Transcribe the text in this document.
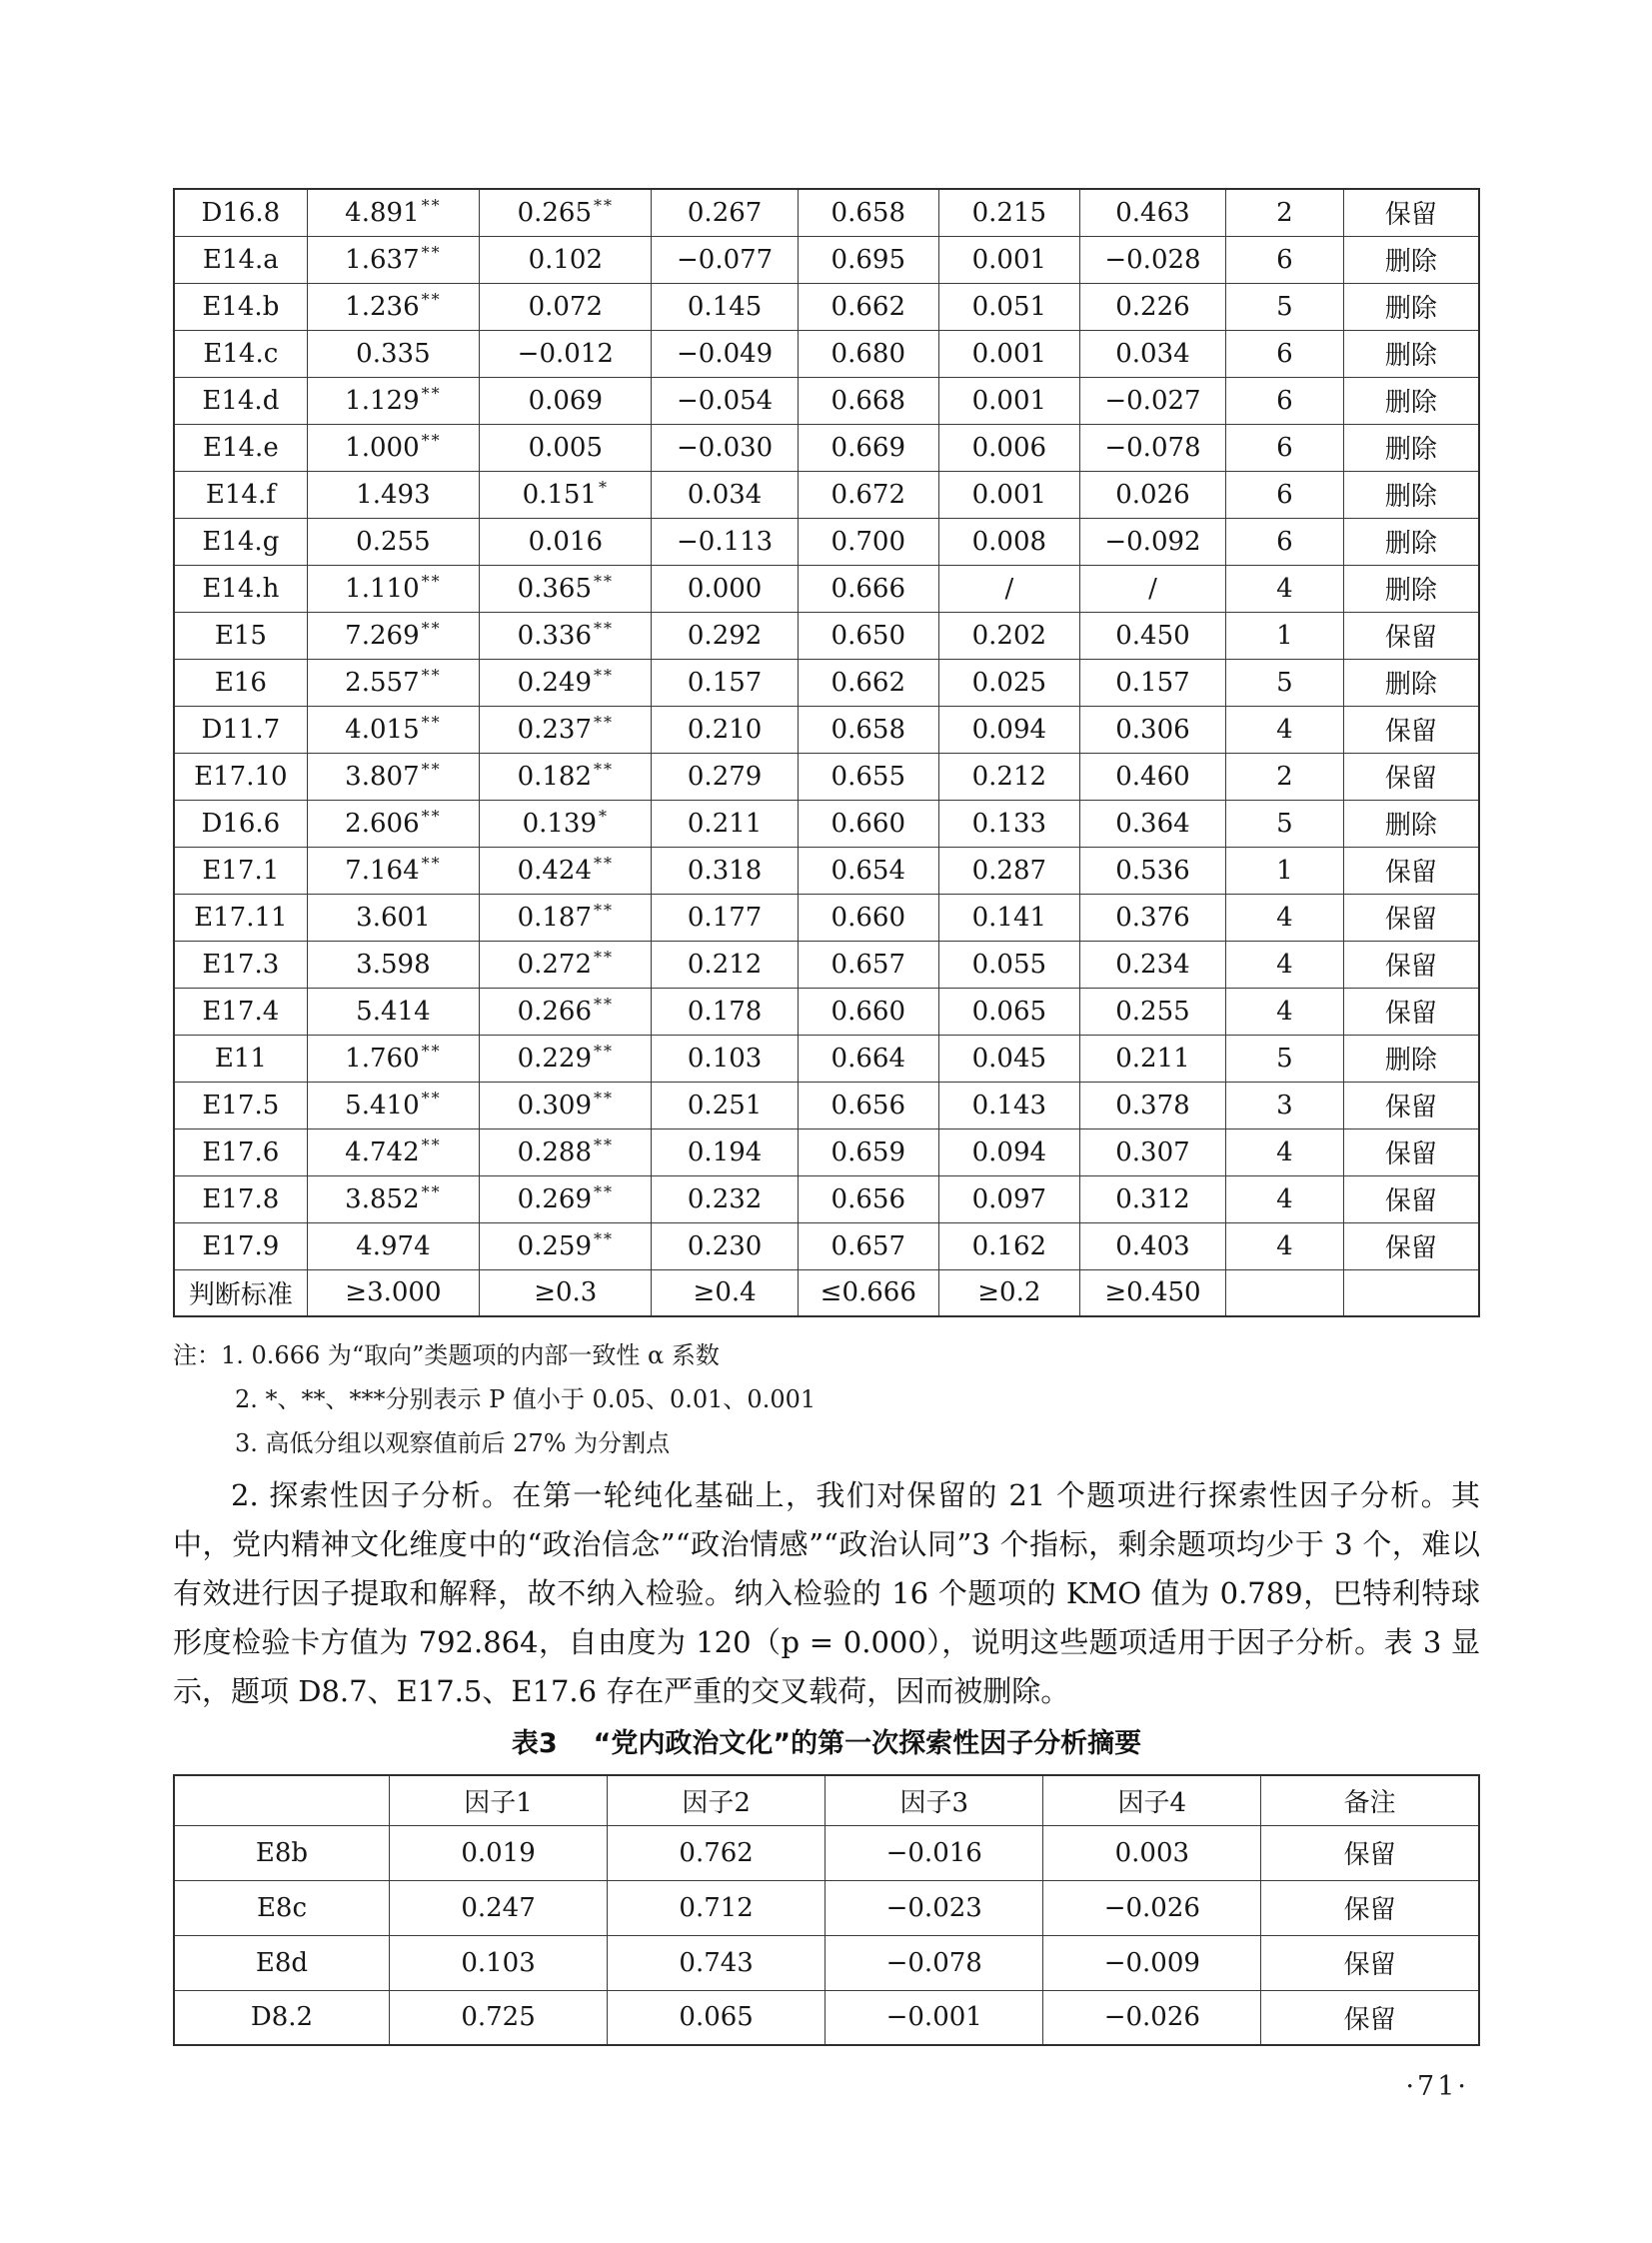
D16.8	4.891 **	0.265 **	0.267	0.658	0.215	0.463	2	保留
E14.a	1.637 **	0.102	−0.077	0.695	0.001	−0.028	6	删除
E14.b	1.236 **	0.072	0.145	0.662	0.051	0.226	5	删除
E14.c	0.335	−0.012	−0.049	0.680	0.001	0.034	6	删除
E14.d	1.129 **	0.069	−0.054	0.668	0.001	−0.027	6	删除
E14.e	1.000 **	0.005	−0.030	0.669	0.006	−0.078	6	删除
E14.f	1.493	0.151 *	0.034	0.672	0.001	0.026	6	删除
E14.g	0.255	0.016	−0.113	0.700	0.008	−0.092	6	删除
E14.h	1.110 **	0.365 **	0.000	0.666	/	/	4	删除
E15	7.269 **	0.336 **	0.292	0.650	0.202	0.450	1	保留
E16	2.557 **	0.249 **	0.157	0.662	0.025	0.157	5	删除
D11.7	4.015 **	0.237 **	0.210	0.658	0.094	0.306	4	保留
E17.10	3.807 **	0.182 **	0.279	0.655	0.212	0.460	2	保留
D16.6	2.606 **	0.139 *	0.211	0.660	0.133	0.364	5	删除
E17.1	7.164 **	0.424 **	0.318	0.654	0.287	0.536	1	保留
E17.11	3.601	0.187 **	0.177	0.660	0.141	0.376	4	保留
E17.3	3.598	0.272 **	0.212	0.657	0.055	0.234	4	保留
E17.4	5.414	0.266 **	0.178	0.660	0.065	0.255	4	保留
E11	1.760 **	0.229 **	0.103	0.664	0.045	0.211	5	删除
E17.5	5.410 **	0.309 **	0.251	0.656	0.143	0.378	3	保留
E17.6	4.742 **	0.288 **	0.194	0.659	0.094	0.307	4	保留
E17.8	3.852 **	0.269 **	0.232	0.656	0.097	0.312	4	保留
E17.9	4.974	0.259 **	0.230	0.657	0.162	0.403	4	保留
判断标准	≥3.000	≥0.3	≥0.4	≤0.666	≥0.2	≥0.450		

注：1. 0.666 为“取向”类题项的内部一致性 α 系数

2. *、**、***分别表示 P 值小于 0.05、0.01、0.001

3. 高低分组以观察值前后 27% 为分割点

2. 探索性因子分析。在第一轮纯化基础上，我们对保留的 21 个题项进行探索性因子分析。其中，党内精神文化维度中的“政治信念”“政治情感”“政治认同”3 个指标，剩余题项均少于 3 个，难以有效进行因子提取和解释，故不纳入检验。纳入检验的 16 个题项的 KMO 值为 0.789，巴特利特球形度检验卡方值为 792.864，自由度为 120（p = 0.000），说明这些题项适用于因子分析。表 3 显示，题项 D8.7、E17.5、E17.6 存在严重的交叉载荷，因而被删除。

表3 “党内政治文化”的第一次探索性因子分析摘要
	因子1	因子2	因子3	因子4	备注
E8b	0.019	0.762	−0.016	0.003	保留
E8c	0.247	0.712	−0.023	−0.026	保留
E8d	0.103	0.743	−0.078	−0.009	保留
D8.2	0.725	0.065	−0.001	−0.026	保留
·71·
